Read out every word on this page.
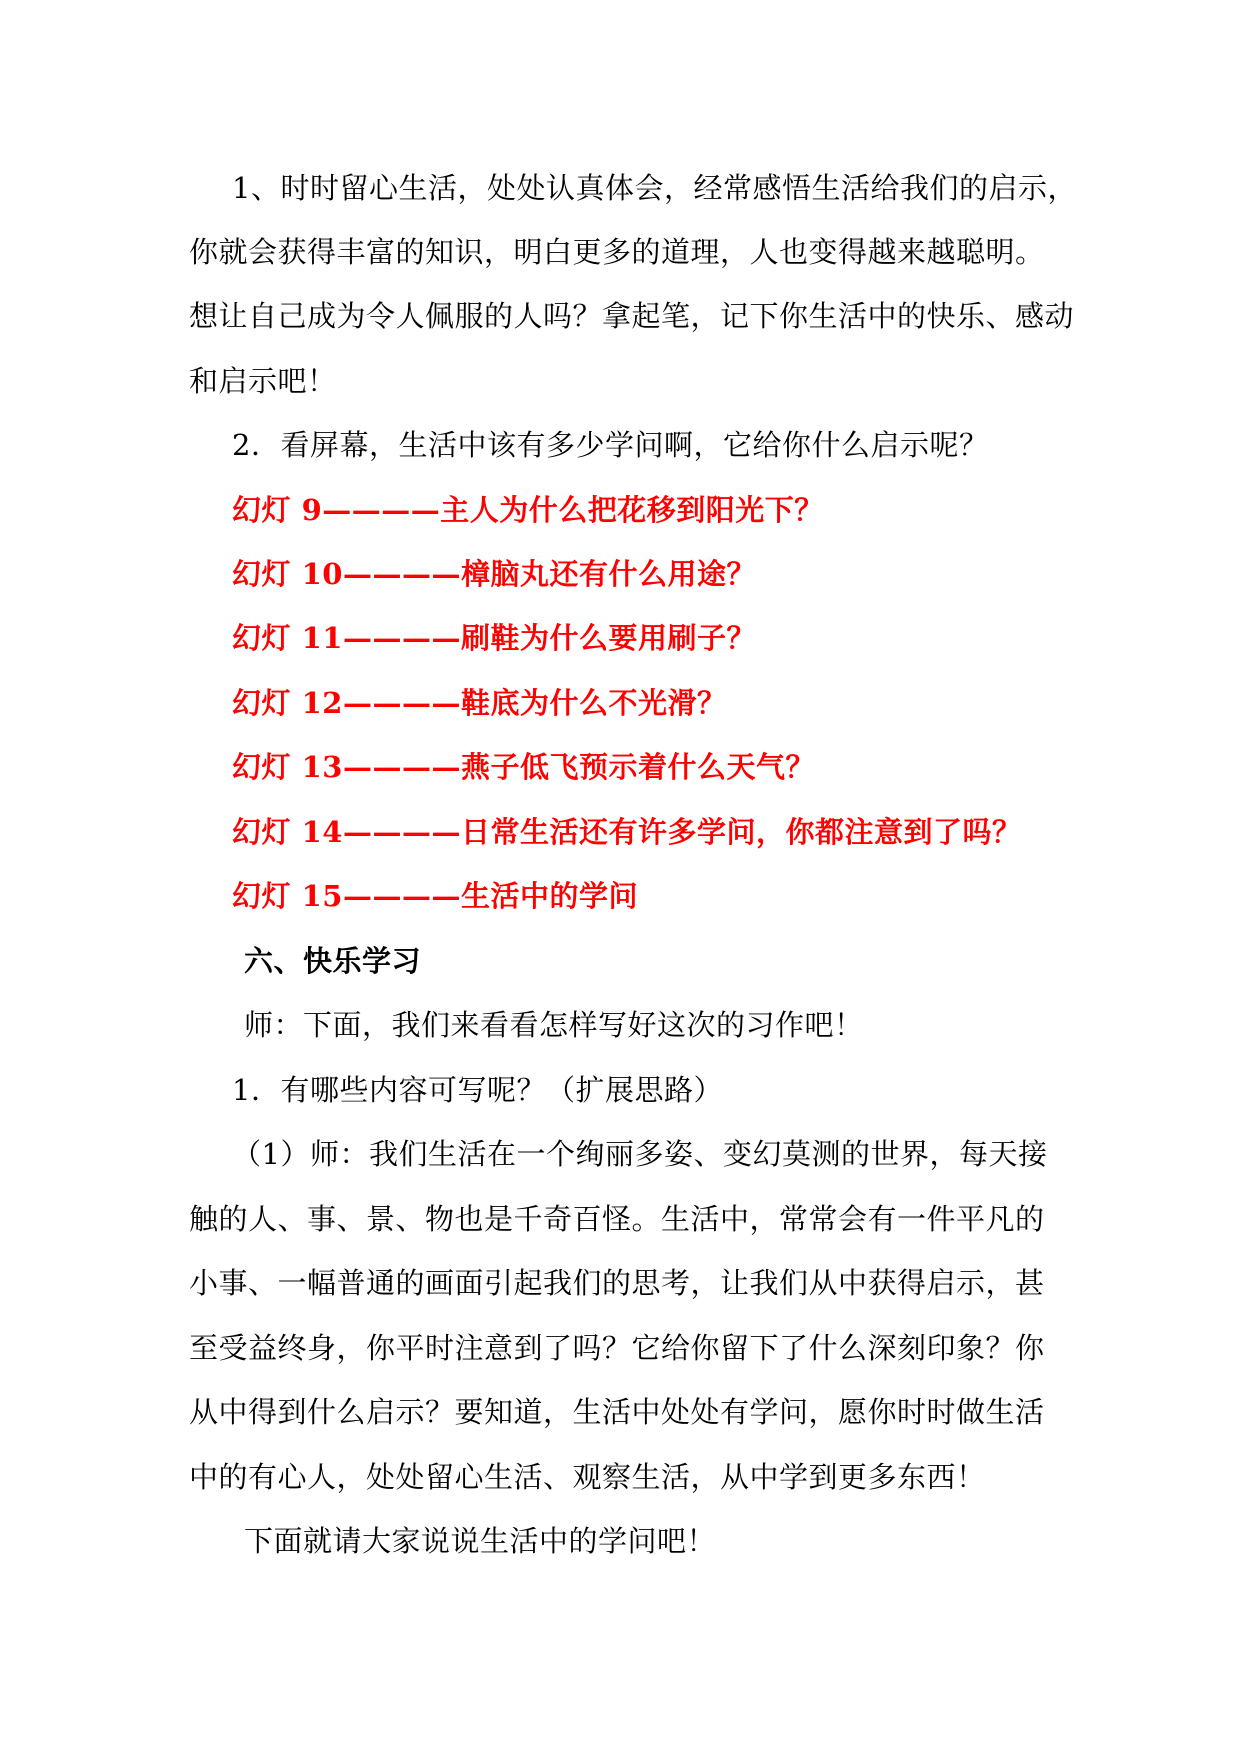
1、时时留心生活，处处认真体会，经常感悟生活给我们的启示，
你就会获得丰富的知识，明白更多的道理，人也变得越来越聪明。
想让自己成为令人佩服的人吗？拿起笔，记下你生活中的快乐、感动
和启示吧！
2．看屏幕，生活中该有多少学问啊，它给你什么启示呢？
幻灯 9————主人为什么把花移到阳光下？
幻灯 10————樟脑丸还有什么用途？
幻灯 11————刷鞋为什么要用刷子？
幻灯 12————鞋底为什么不光滑？
幻灯 13————燕子低飞预示着什么天气？
幻灯 14————日常生活还有许多学问，你都注意到了吗？
幻灯 15————生活中的学问
六、快乐学习
师：下面，我们来看看怎样写好这次的习作吧！
1．有哪些内容可写呢？（扩展思路）
（1）师：我们生活在一个绚丽多姿、变幻莫测的世界，每天接
触的人、事、景、物也是千奇百怪。生活中，常常会有一件平凡的
小事、一幅普通的画面引起我们的思考，让我们从中获得启示，甚
至受益终身，你平时注意到了吗？它给你留下了什么深刻印象？你
从中得到什么启示？要知道，生活中处处有学问，愿你时时做生活
中的有心人，处处留心生活、观察生活，从中学到更多东西！
下面就请大家说说生活中的学问吧！
